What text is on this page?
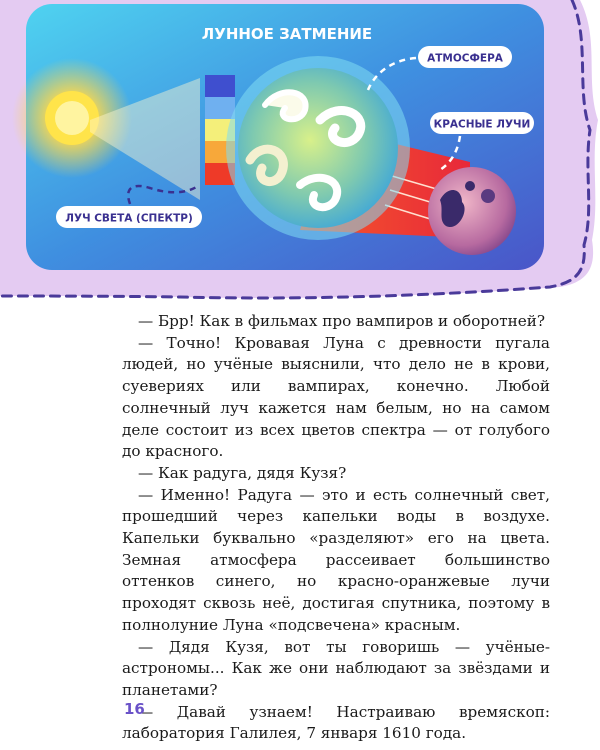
ЛУННОЕ ЗАТМЕНИЕ
АТМОСФЕРА
КРАСНЫЕ ЛУЧИ
ЛУЧ СВЕТА (СПЕКТР)

— Брр! Как в фильмах про вампиров и оборотней?

— Точно! Кровавая Луна с древности пугала людей, но учёные выяснили, что дело не в крови, суевериях или вампирах, конечно. Любой солнечный луч кажется нам белым, но на самом деле состоит из всех цветов спектра — от голубого до красного.

— Как радуга, дядя Кузя?

— Именно! Радуга — это и есть солнечный свет, прошедший через капельки воды в воздухе. Капельки буквально «разделяют» его на цвета. Земная атмосфера рассеивает большинство оттенков синего, но красно-оранжевые лучи проходят сквозь неё, достигая спутника, поэтому в полнолуние Луна «подсвечена» красным.

— Дядя Кузя, вот ты говоришь — учёные-астрономы... Как же они наблюдают за звёздами и планетами?

— Давай узнаем! Настраиваю времяскоп: лаборатория Галилея, 7 января 1610 года.

16
